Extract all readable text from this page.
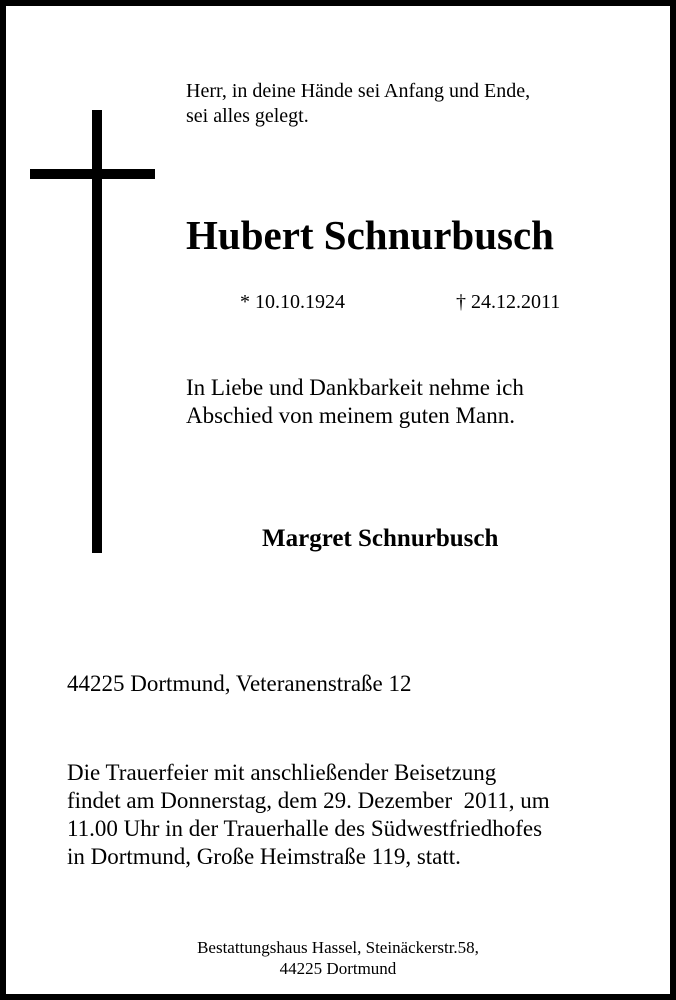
Herr, in deine Hände sei Anfang und Ende,
sei alles gelegt.
Hubert Schnurbusch
* 10.10.1924	† 24.12.2011
In Liebe und Dankbarkeit nehme ich
Abschied von meinem guten Mann.
Margret Schnurbusch
44225 Dortmund, Veteranenstraße 12
Die Trauerfeier mit anschließender Beisetzung
findet am Donnerstag, dem 29. Dezember  2011, um
11.00 Uhr in der Trauerhalle des Südwestfriedhofes
in Dortmund, Große Heimstraße 119, statt.
Bestattungshaus Hassel, Steinäckerstr.58,
44225 Dortmund
